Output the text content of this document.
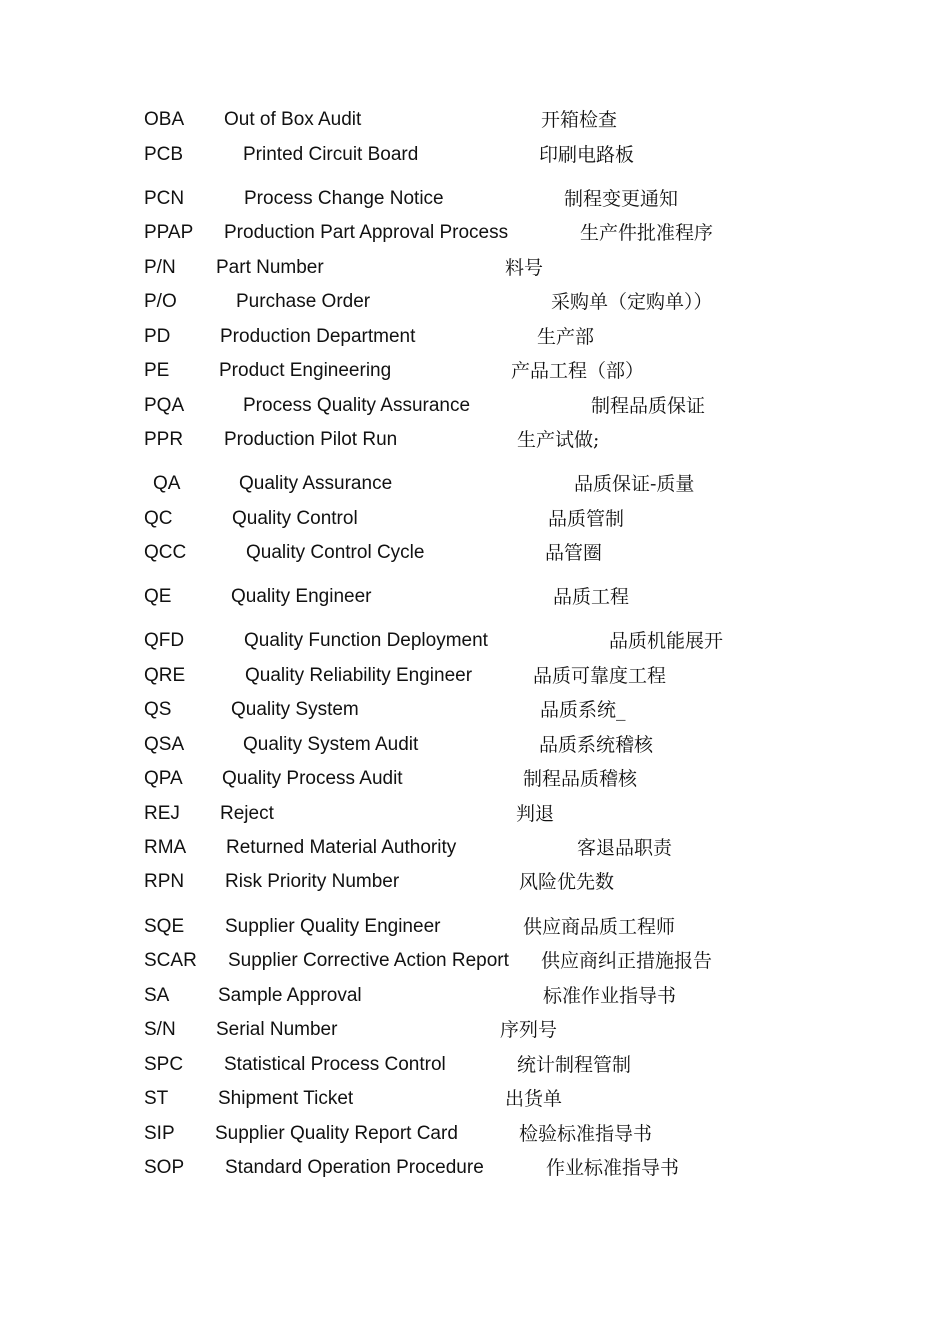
OBA Out of Box Audit	开箱检查
PCB	Printed Circuit Board	印刷电路板
PCN	Process Change Notice	制程变更通知
PPAP Production Part Approval Process	生产件批准程序
P/N Part Number	料号
P/O	Purchase Order	采购单（定购单））
PD	Production Department	生产部
PE	Product Engineering	产品工程（部）
PQA	Process Quality Assurance	制程品质保证
PPR Production Pilot Run	生产试做;
QA	Quality Assurance	品质保证-质量
QC	Quality Control	品质管制
QCC	Quality Control Cycle	品管圈
QE	Quality Engineer	品质工程
QFD	Quality Function Deployment	品质机能展开
QRE	Quality Reliability Engineer	品质可靠度工程
QS	Quality System	品质系统_
QSA	Quality System Audit	品质系统稽核
QPA Quality Process Audit	制程品质稽核
REJ Reject	判退
RMA Returned Material Authority	客退品职责
RPN Risk Priority Number	风险优先数
SQE Supplier Quality Engineer	供应商品质工程师
SCAR Supplier Corrective Action Report 供应商纠正措施报告
SA	Sample Approval	标准作业指导书
S/N Serial Number	序列号
SPC Statistical Process Control	统计制程管制
ST	Shipment Ticket	出货单
SIP Supplier Quality Report Card	检验标准指导书
SOP Standard Operation Procedure	作业标准指导书
